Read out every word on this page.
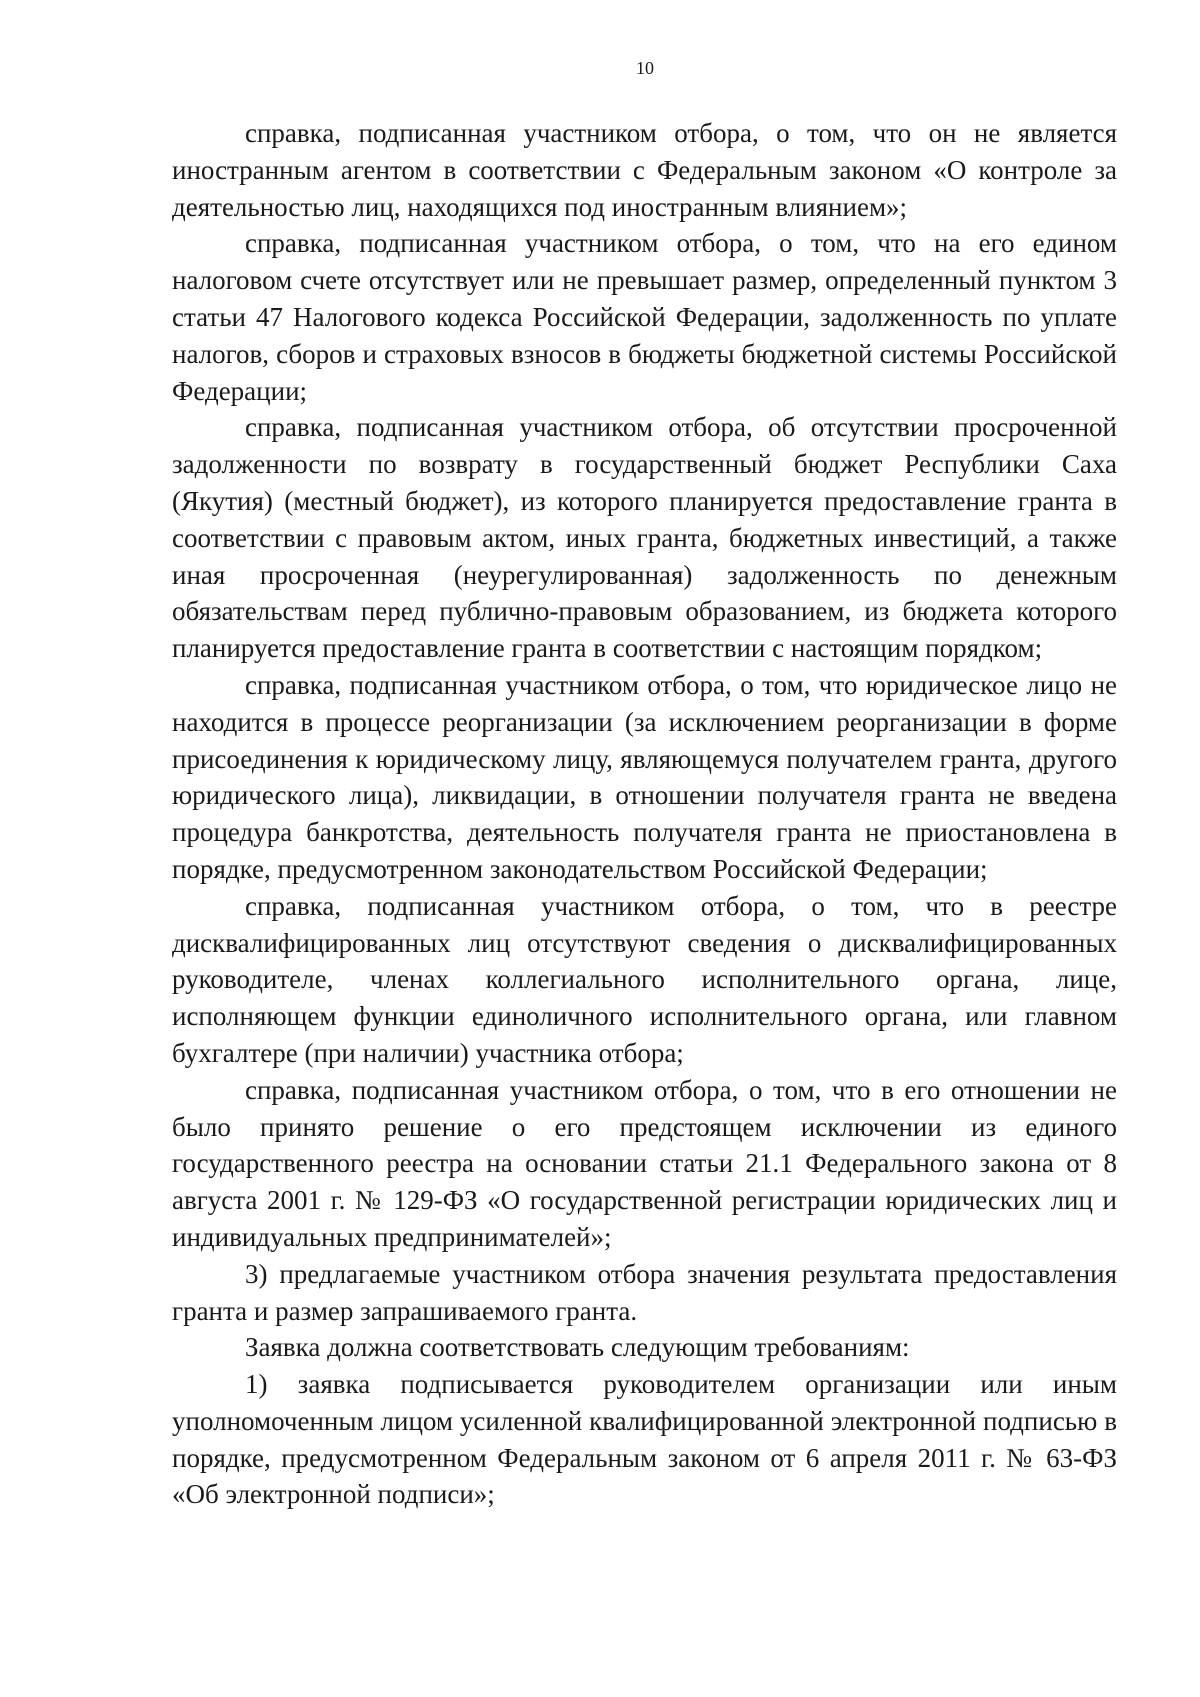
10

справка, подписанная участником отбора, о том, что он не является иностранным агентом в соответствии с Федеральным законом «О контроле за деятельностью лиц, находящихся под иностранным влиянием»;

справка, подписанная участником отбора, о том, что на его едином налоговом счете отсутствует или не превышает размер, определенный пунктом 3 статьи 47 Налогового кодекса Российской Федерации, задолженность по уплате налогов, сборов и страховых взносов в бюджеты бюджетной системы Российской Федерации;

справка, подписанная участником отбора, об отсутствии просроченной задолженности по возврату в государственный бюджет Республики Саха (Якутия) (местный бюджет), из которого планируется предоставление гранта в соответствии с правовым актом, иных гранта, бюджетных инвестиций, а также иная просроченная (неурегулированная) задолженность по денежным обязательствам перед публично-правовым образованием, из бюджета которого планируется предоставление гранта в соответствии с настоящим порядком;

справка, подписанная участником отбора, о том, что юридическое лицо не находится в процессе реорганизации (за исключением реорганизации в форме присоединения к юридическому лицу, являющемуся получателем гранта, другого юридического лица), ликвидации, в отношении получателя гранта не введена процедура банкротства, деятельность получателя гранта не приостановлена в порядке, предусмотренном законодательством Российской Федерации;

справка, подписанная участником отбора, о том, что в реестре дисквалифицированных лиц отсутствуют сведения о дисквалифицированных руководителе, членах коллегиального исполнительного органа, лице, исполняющем функции единоличного исполнительного органа, или главном бухгалтере (при наличии) участника отбора;

справка, подписанная участником отбора, о том, что в его отношении не было принято решение о его предстоящем исключении из единого государственного реестра на основании статьи 21.1 Федерального закона от 8 августа 2001 г. № 129-ФЗ «О государственной регистрации юридических лиц и индивидуальных предпринимателей»;

3) предлагаемые участником отбора значения результата предоставления гранта и размер запрашиваемого гранта.

Заявка должна соответствовать следующим требованиям:

1) заявка подписывается руководителем организации или иным уполномоченным лицом усиленной квалифицированной электронной подписью в порядке, предусмотренном Федеральным законом от 6 апреля 2011 г. № 63-ФЗ «Об электронной подписи»;
